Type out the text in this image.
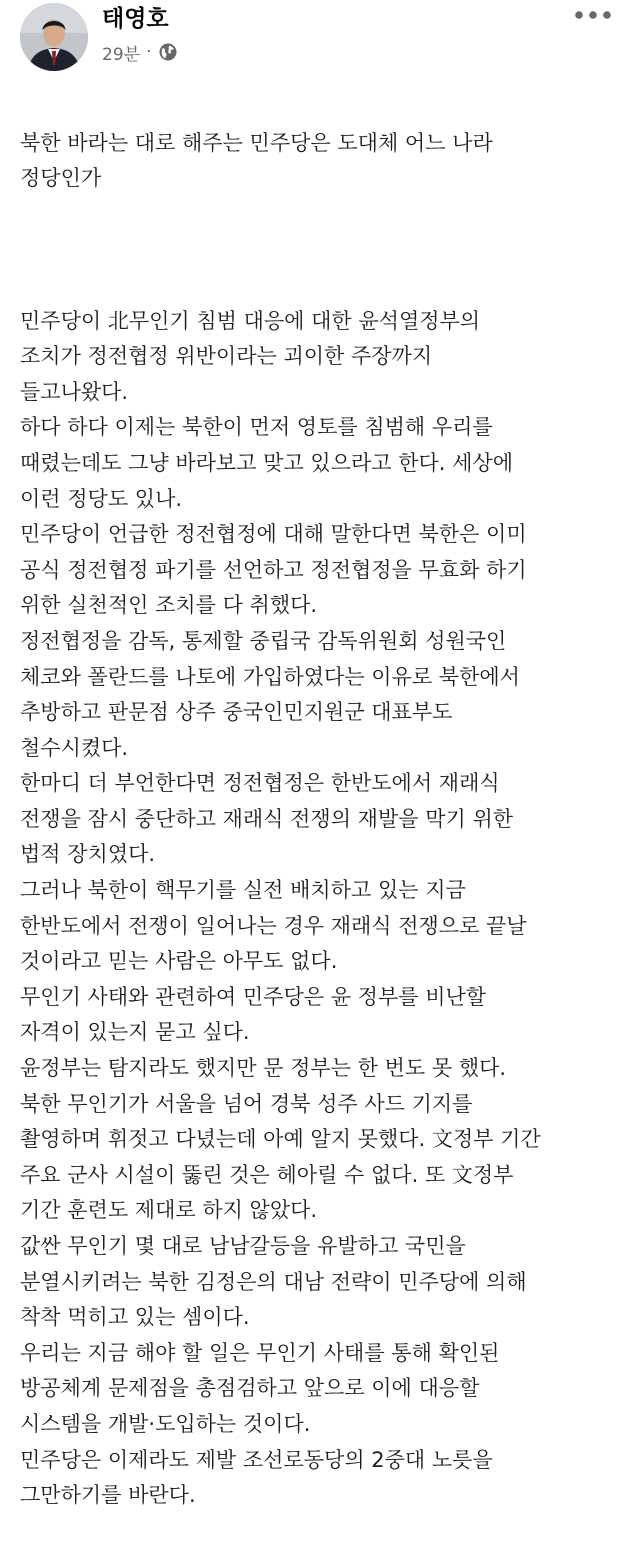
태영호
29분 ·

북한 바라는 대로 해주는 민주당은 도대체 어느 나라
정당인가

민주당이 北무인기 침범 대응에 대한 윤석열정부의
조치가 정전협정 위반이라는 괴이한 주장까지
들고나왔다.
하다 하다 이제는 북한이 먼저 영토를 침범해 우리를
때렸는데도 그냥 바라보고 맞고 있으라고 한다. 세상에
이런 정당도 있나.
민주당이 언급한 정전협정에 대해 말한다면 북한은 이미
공식 정전협정 파기를 선언하고 정전협정을 무효화 하기
위한 실천적인 조치를 다 취했다.
정전협정을 감독, 통제할 중립국 감독위원회 성원국인
체코와 폴란드를 나토에 가입하였다는 이유로 북한에서
추방하고 판문점 상주 중국인민지원군 대표부도
철수시켰다.
한마디 더 부언한다면 정전협정은 한반도에서 재래식
전쟁을 잠시 중단하고 재래식 전쟁의 재발을 막기 위한
법적 장치였다.
그러나 북한이 핵무기를 실전 배치하고 있는 지금
한반도에서 전쟁이 일어나는 경우 재래식 전쟁으로 끝날
것이라고 믿는 사람은 아무도 없다.
무인기 사태와 관련하여 민주당은 윤 정부를 비난할
자격이 있는지 묻고 싶다.
윤정부는 탐지라도 했지만 문 정부는 한 번도 못 했다.
북한 무인기가 서울을 넘어 경북 성주 사드 기지를
촬영하며 휘젓고 다녔는데 아예 알지 못했다. 文정부 기간
주요 군사 시설이 뚫린 것은 헤아릴 수 없다. 또 文정부
기간 훈련도 제대로 하지 않았다.
값싼 무인기 몇 대로 남남갈등을 유발하고 국민을
분열시키려는 북한 김정은의 대남 전략이 민주당에 의해
착착 먹히고 있는 셈이다.
우리는 지금 해야 할 일은 무인기 사태를 통해 확인된
방공체계 문제점을 총점검하고 앞으로 이에 대응할
시스템을 개발·도입하는 것이다.
민주당은 이제라도 제발 조선로동당의 2중대 노릇을
그만하기를 바란다.
